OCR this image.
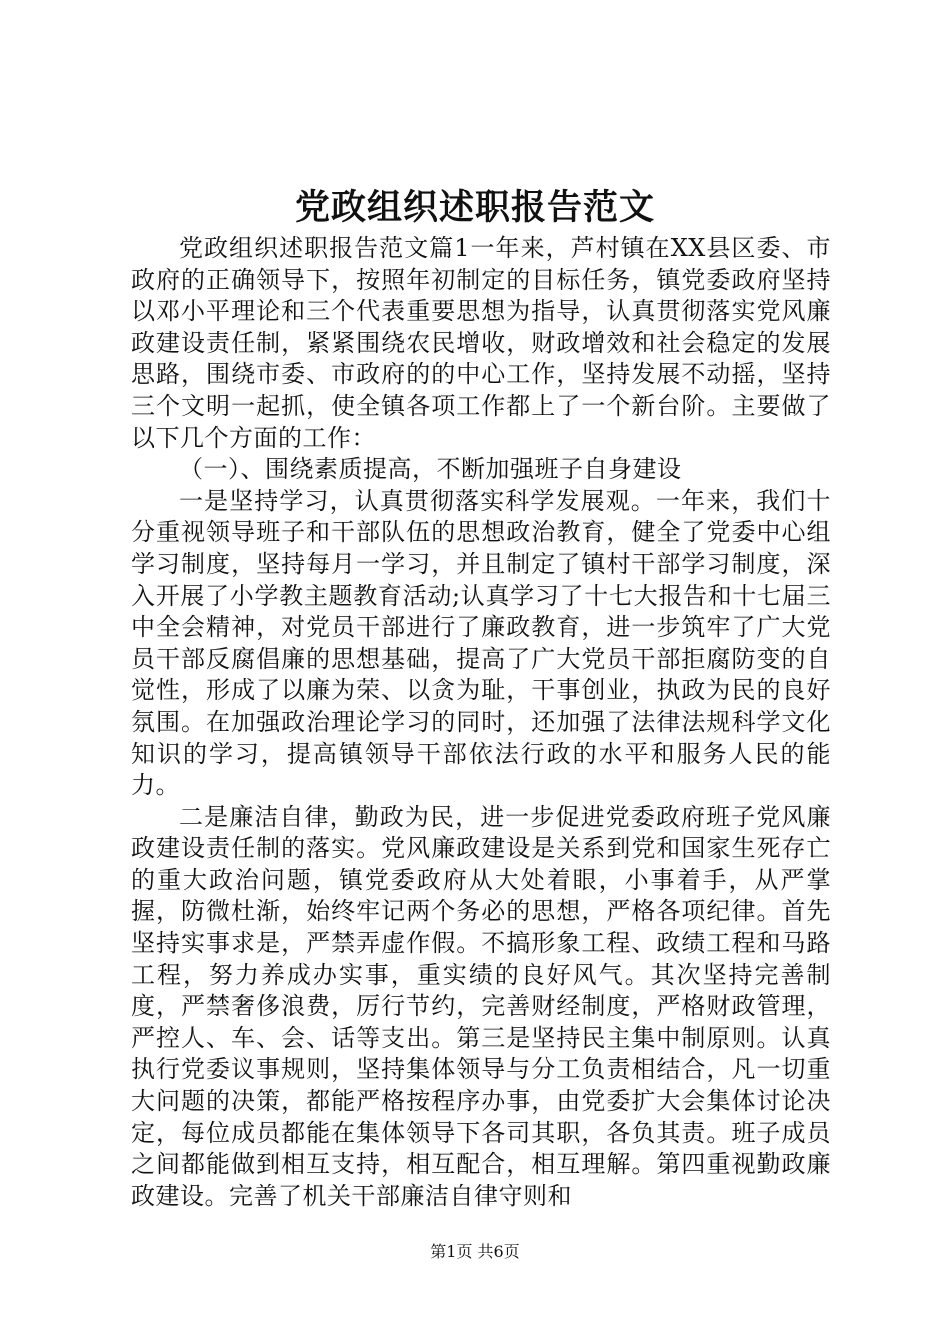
党政组织述职报告范文

党政组织述职报告范文篇1一年来，芦村镇在XX县区委、市政府的正确领导下，按照年初制定的目标任务，镇党委政府坚持以邓小平理论和三个代表重要思想为指导，认真贯彻落实党风廉政建设责任制，紧紧围绕农民增收，财政增效和社会稳定的发展思路，围绕市委、市政府的的中心工作，坚持发展不动摇，坚持三个文明一起抓，使全镇各项工作都上了一个新台阶。主要做了以下几个方面的工作：

（一）、围绕素质提高，不断加强班子自身建设

一是坚持学习，认真贯彻落实科学发展观。一年来，我们十分重视领导班子和干部队伍的思想政治教育，健全了党委中心组学习制度，坚持每月一学习，并且制定了镇村干部学习制度，深入开展了小学教主题教育活动;认真学习了十七大报告和十七届三中全会精神，对党员干部进行了廉政教育，进一步筑牢了广大党员干部反腐倡廉的思想基础，提高了广大党员干部拒腐防变的自觉性，形成了以廉为荣、以贪为耻，干事创业，执政为民的良好氛围。在加强政治理论学习的同时，还加强了法律法规科学文化知识的学习，提高镇领导干部依法行政的水平和服务人民的能力。

二是廉洁自律，勤政为民，进一步促进党委政府班子党风廉政建设责任制的落实。党风廉政建设是关系到党和国家生死存亡的重大政治问题，镇党委政府从大处着眼，小事着手，从严掌握，防微杜渐，始终牢记两个务必的思想，严格各项纪律。首先坚持实事求是，严禁弄虚作假。不搞形象工程、政绩工程和马路工程，努力养成办实事，重实绩的良好风气。其次坚持完善制度，严禁奢侈浪费，厉行节约，完善财经制度，严格财政管理，严控人、车、会、话等支出。第三是坚持民主集中制原则。认真执行党委议事规则，坚持集体领导与分工负责相结合，凡一切重大问题的决策，都能严格按程序办事，由党委扩大会集体讨论决定，每位成员都能在集体领导下各司其职，各负其责。班子成员之间都能做到相互支持，相互配合，相互理解。第四重视勤政廉政建设。完善了机关干部廉洁自律守则和

第1页 共6页
